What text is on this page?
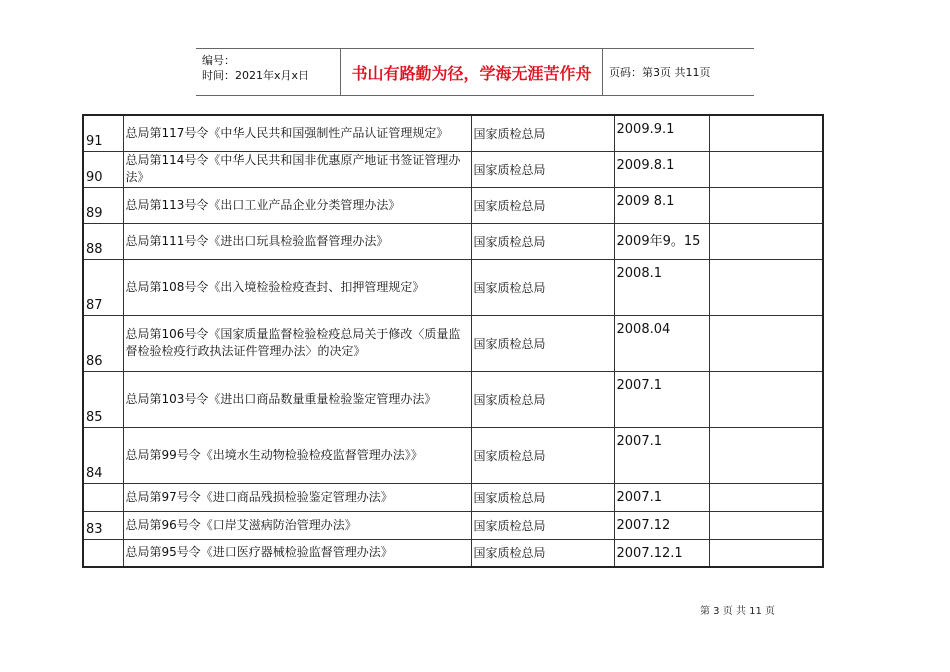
编号：
时间：2021年x月x日	书山有路勤为径，学海无涯苦作舟	页码：第3页 共11页
91	总局第117号令《中华人民共和国强制性产品认证管理规定》	国家质检总局	2009.9.1	
90	总局第114号令《中华人民共和国非优惠原产地证书签证管理办法》	国家质检总局	2009.8.1	
89	总局第113号令《出口工业产品企业分类管理办法》	国家质检总局	2009 8.1	
88	总局第111号令《进出口玩具检验监督管理办法》	国家质检总局	2009年9。15	
87	总局第108号令《出入境检验检疫查封、扣押管理规定》	国家质检总局	2008.1	
86	总局第106号令《国家质量监督检验检疫总局关于修改〈质量监督检验检疫行政执法证件管理办法〉的决定》	国家质检总局	2008.04	
85	总局第103号令《进出口商品数量重量检验鉴定管理办法》	国家质检总局	2007.1	
84	总局第99号令《出境水生动物检验检疫监督管理办法》》	国家质检总局	2007.1	
	总局第97号令《进口商品残损检验鉴定管理办法》	国家质检总局	2007.1	
83	总局第96号令《口岸艾滋病防治管理办法》	国家质检总局	2007.12	
	总局第95号令《进口医疗器械检验监督管理办法》	国家质检总局	2007.12.1	
第 3 页 共 11 页
